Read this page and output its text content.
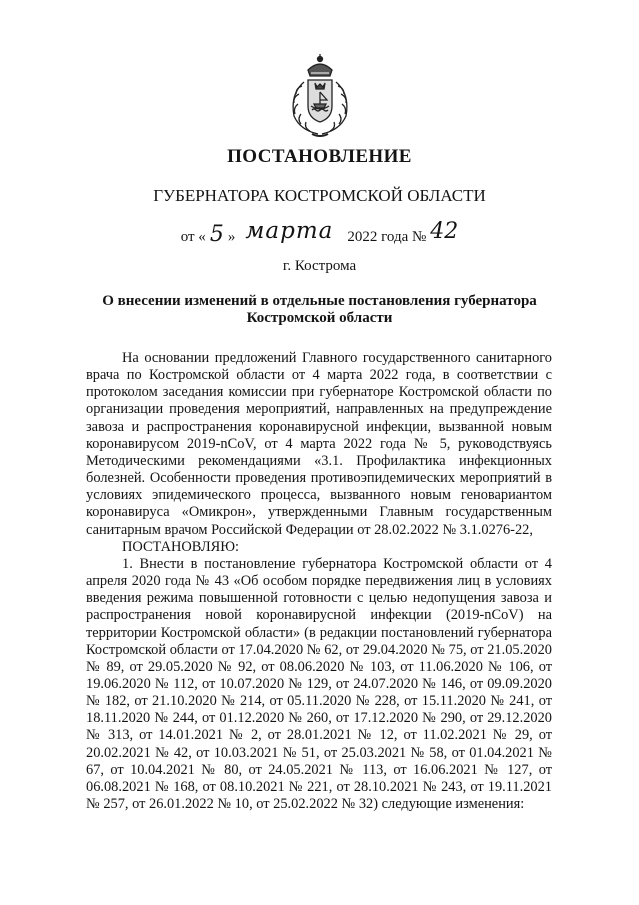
ПОСТАНОВЛЕНИЕ
ГУБЕРНАТОРА КОСТРОМСКОЙ ОБЛАСТИ
от « 5 » марта 2022 года № 42
г. Кострома
О внесении изменений в отдельные постановления губернатора
Костромской области

На основании предложений Главного государственного санитарного врача по Костромской области от 4 марта 2022 года, в соответствии с протоколом заседания комиссии при губернаторе Костромской области по организации проведения мероприятий, направленных на предупреждение завоза и распространения коронавирусной инфекции, вызванной новым коронавирусом 2019-nCoV, от 4 марта 2022 года № 5, руководствуясь Методическими рекомендациями «3.1. Профилактика инфекционных болезней. Особенности проведения противоэпидемических мероприятий в условиях эпидемического процесса, вызванного новым геновариантом коронавируса «Омикрон», утвержденными Главным государственным санитарным врачом Российской Федерации от 28.02.2022 № 3.1.0276-22,

ПОСТАНОВЛЯЮ:

1. Внести в постановление губернатора Костромской области от 4 апреля 2020 года № 43 «Об особом порядке передвижения лиц в условиях введения режима повышенной готовности с целью недопущения завоза и распространения новой коронавирусной инфекции (2019-nCoV) на территории Костромской области» (в редакции постановлений губернатора Костромской области от 17.04.2020 № 62, от 29.04.2020 № 75, от 21.05.2020 № 89, от 29.05.2020 № 92, от 08.06.2020 № 103, от 11.06.2020 № 106, от 19.06.2020 № 112, от 10.07.2020 № 129, от 24.07.2020 № 146, от 09.09.2020 № 182, от 21.10.2020 № 214, от 05.11.2020 № 228, от 15.11.2020 № 241, от 18.11.2020 № 244, от 01.12.2020 № 260, от 17.12.2020 № 290, от 29.12.2020 № 313, от 14.01.2021 № 2, от 28.01.2021 № 12, от 11.02.2021 № 29, от 20.02.2021 № 42, от 10.03.2021 № 51, от 25.03.2021 № 58, от 01.04.2021 № 67, от 10.04.2021 № 80, от 24.05.2021 № 113, от 16.06.2021 № 127, от 06.08.2021 № 168, от 08.10.2021 № 221, от 28.10.2021 № 243, от 19.11.2021 № 257, от 26.01.2022 № 10, от 25.02.2022 № 32) следующие изменения:
